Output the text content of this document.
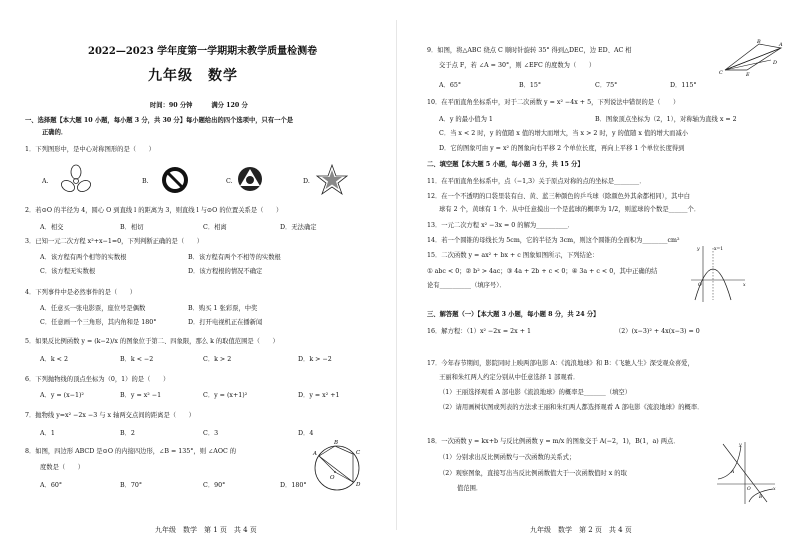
2022—2023 学年度第一学期期末教学质量检测卷
九年级　数学
时间：90 分钟　　　满分 120 分
一、选择题【本大题 10 小题，每小题 3 分，共 30 分】每小题给出的四个选项中，只有一个是
正确的．
1．下列图形中，是中心对称图形的是（　　）
A.	B.	C.	D.
2．若⊙O 的半径为 4，圆心 O 到直线 l 的距离为 3，则直线 l 与⊙O 的位置关系是（　　）
A．相交	B．相切	C．相离	D．无法确定
3．已知一元二次方程 x²+x−1=0，下列判断正确的是（　　）
A．该方程有两个相等的实数根	B．该方程有两个不相等的实数根
C．该方程无实数根	D．该方程根的情况不确定
4．下列事件中是必然事件的是（　　）
A．任意买一张电影票，座位号是偶数	B．购买 1 张彩票，中奖
C．任意画一个三角形，其内角和是 180°	D．打开电视机正在播新闻
5．如果反比例函数 y = (k−2)/x 的图象位于第二、四象限，那么 k 的取值范围是（　　）
A．k < 2	B．k < −2	C．k > 2	D．k > −2
6．下列抛物线的顶点坐标为（0，1）的是（　　）
A．y = (x−1)²	B．y = x² −1	C．y = (x+1)²	D．y = x² +1
7．抛物线 y=x² −2x −3 与 x 轴两交点间的距离是（　　）
A．1	B．2	C．3	D．4
8．如图，四边形 ABCD 是⊙O 的内接四边形，∠B = 135°，则 ∠AOC 的
度数是（　　）
A．60°	B．70°	C．90°	D．180°
A
B
C
D
O
九年级　数学　第 1 页　共 4 页
9．如图，将△ABC 绕点 C 顺时针旋转 35° 得到△DEC，边 ED、AC 相
交于点 F，若 ∠A = 30°，则 ∠EFC 的度数为（　　）
B	A
C	E
D
A．65°	B．15°	C．75°	D．115°
10．在平面直角坐标系中，对于二次函数 y = x² −4x + 5，下列说法中错误的是（　　）
A．y 的最小值为 1	B．图象顶点坐标为（2，1），对称轴为直线 x = 2
C．当 x < 2 时，y 的值随 x 值的增大而增大，当 x > 2 时，y 的值随 x 值的增大而减小
D．它的图象可由 y = x² 的图象向右平移 2 个单位长度，再向上平移 1 个单位长度得到
二、填空题【本大题 5 小题，每小题 3 分，共 15 分】
11．在平面直角坐标系中，点（−1,3）关于原点对称的点的坐标是________．
12．在一个不透明的口袋里装有白、黄、蓝三种颜色的乒乓球（除颜色外其余都相同），其中白
球有 2 个，黄球有 1 个．从中任意摸出一个是蓝球的概率为 1/2，则蓝球的个数是______个．
13．一元二次方程 x² −3x = 0 的解为__________．
14．若一个圆锥的母线长为 5cm，它的半径为 3cm，则这个圆锥的全面积为________cm²
15．二次函数 y = ax² + bx + c 图象如图所示，下列结论：
① abc < 0；② b² > 4ac；③ 4a + 2b + c < 0；④ 3a + c < 0，其中正确的结
论有__________（填序号）．
x=1
x
y
O
三、解答题（一）【本大题 3 小题，每小题 8 分，共 24 分】
16．解方程：（1）x² −2x = 2x + 1	（2）(x−3)² + 4x(x−3) = 0
17．今年春节期间，影院同时上映两部电影 A：《流浪地球》和 B：《飞驰人生》深受观众喜爱，
王丽和朱红两人约定分别从中任意选择 1 部观看．
（1）王丽选择观看 A 部电影《流浪地球》的概率是_______（填空）
（2）请用画树状图或列表的方法求王丽和朱红两人都选择观看 A 部电影《流浪地球》的概率．
18．一次函数 y = kx+b 与反比例函数 y = m/x 的图象交于 A(−2，1)，B(1，a) 两点．
（1）分别求出反比例函数与一次函数的关系式；
（2）观察图象，直接写出当反比例函数值大于一次函数值时 x 的取
值范围．
A
B
O	x
y
九年级　数学　第 2 页　共 4 页
